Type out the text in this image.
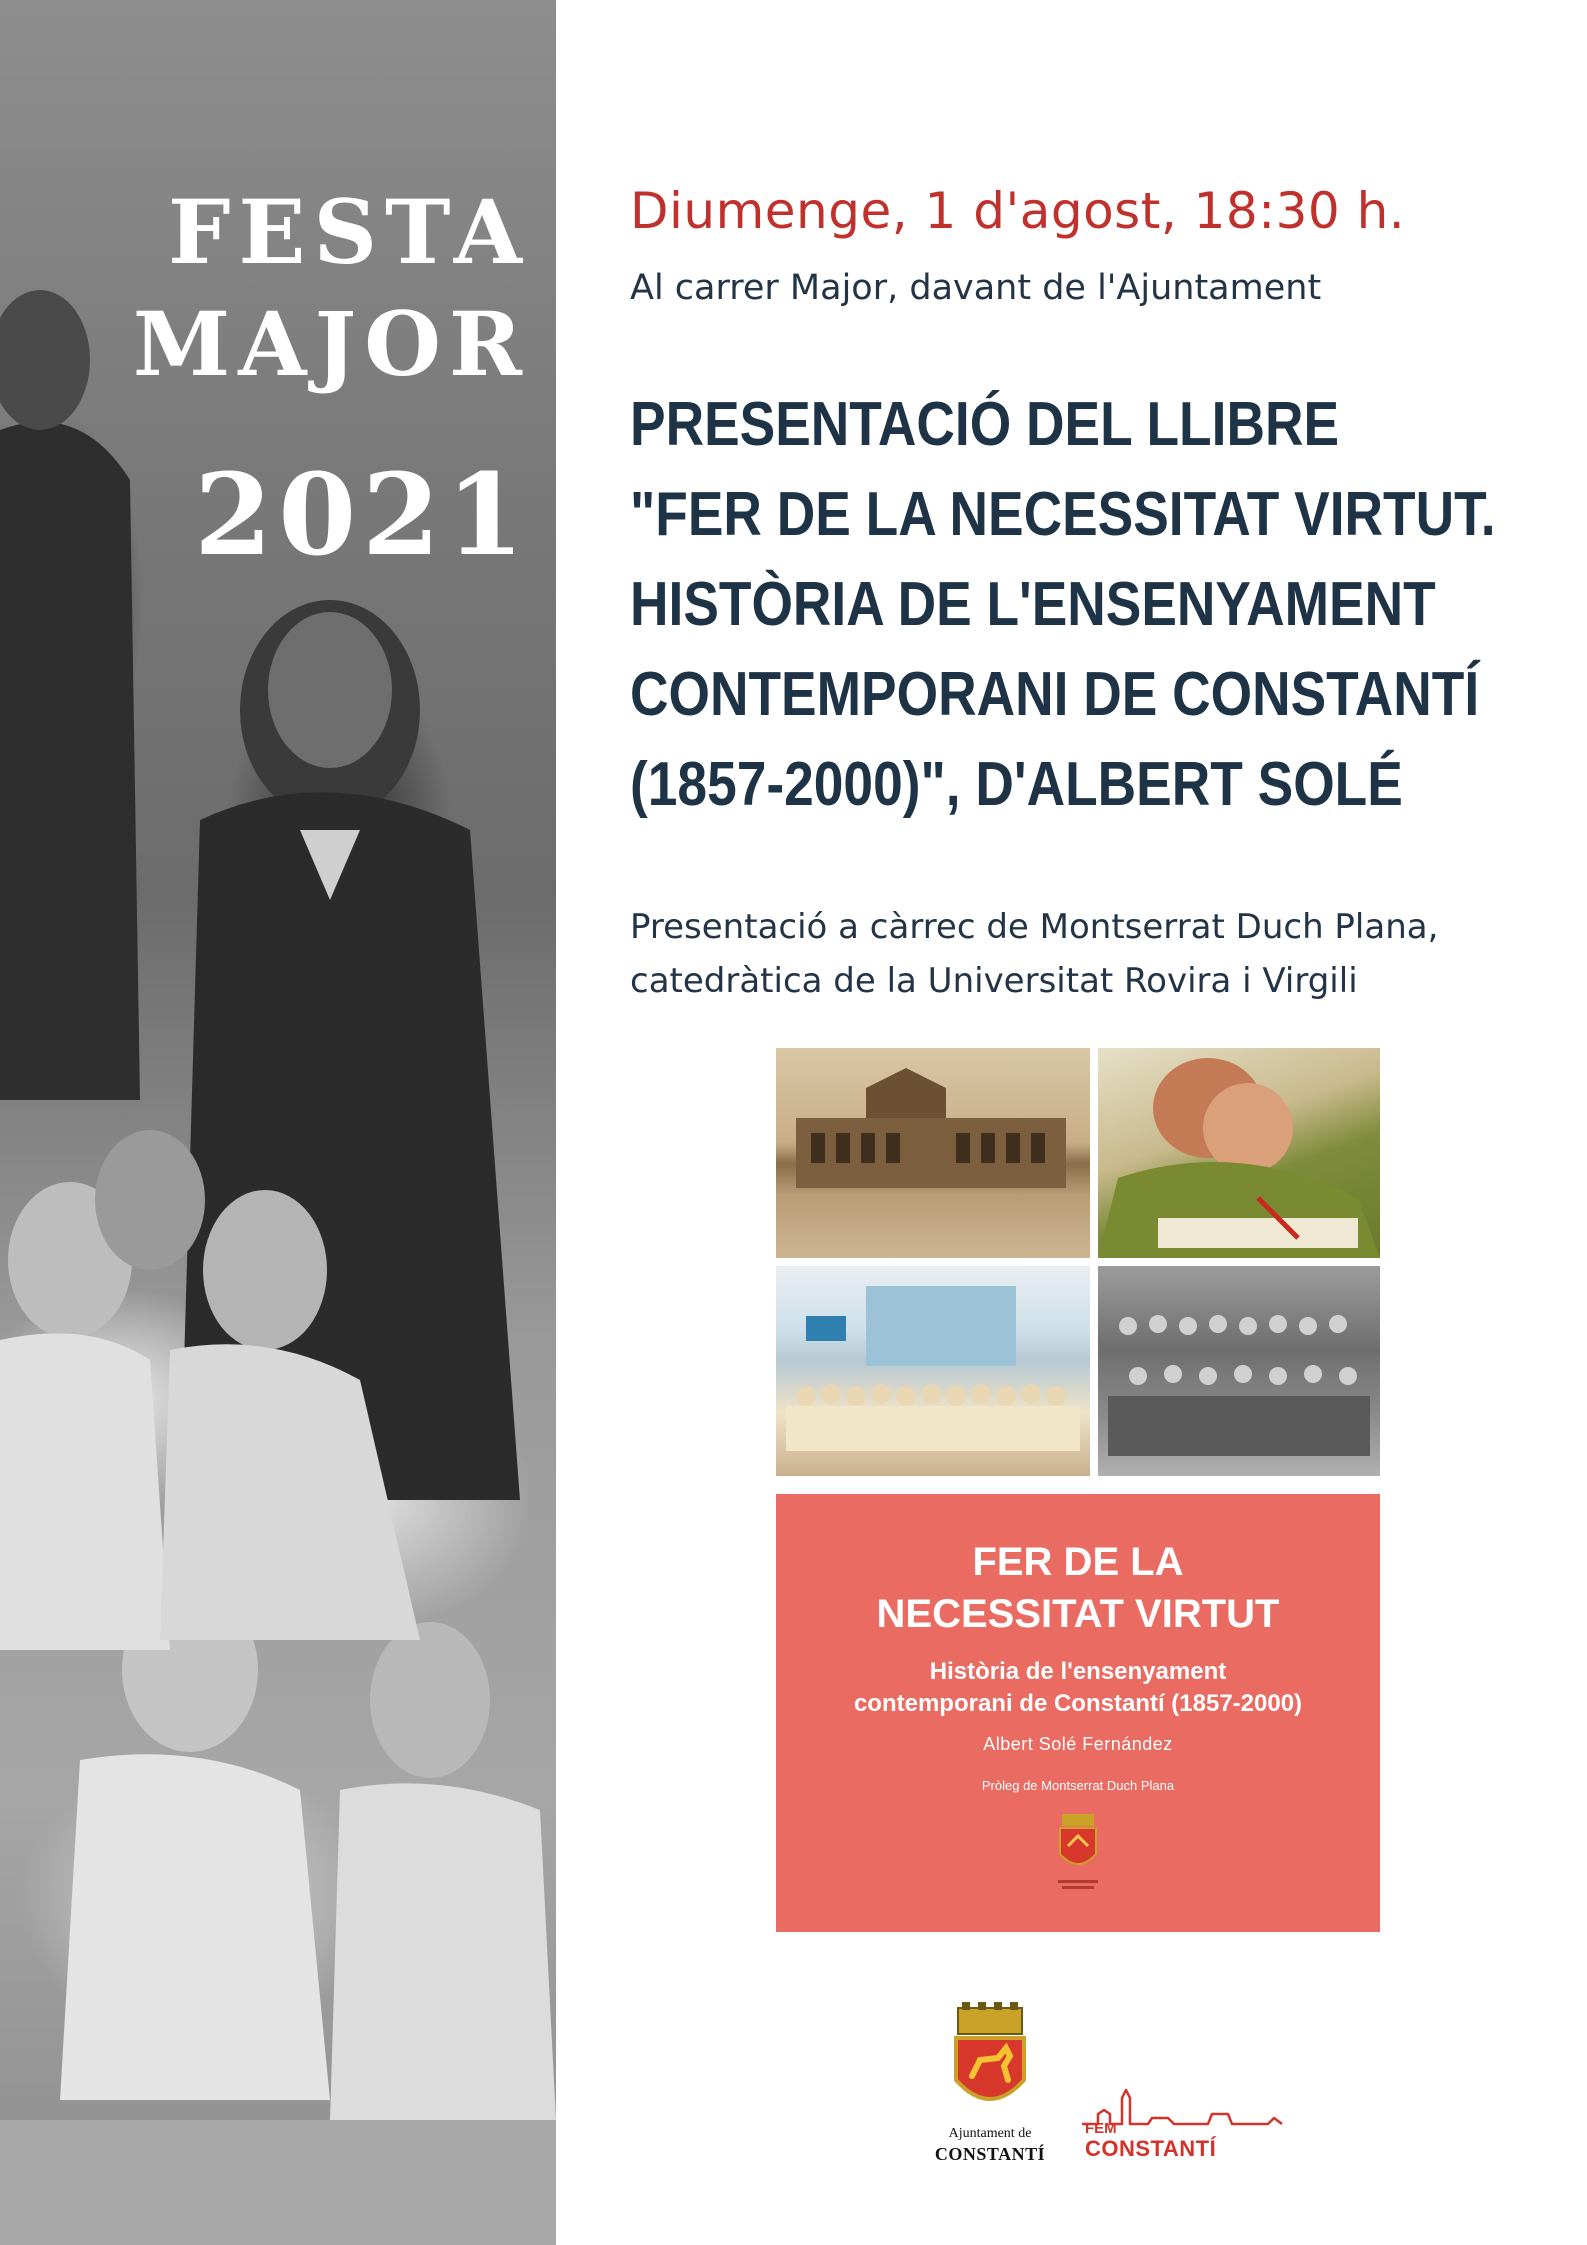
FESTA
MAJOR
2021
Diumenge, 1 d'agost, 18:30 h.
Al carrer Major, davant de l'Ajuntament
PRESENTACIÓ DEL LLIBRE
"FER DE LA NECESSITAT VIRTUT.
HISTÒRIA DE L'ENSENYAMENT
CONTEMPORANI DE CONSTANTÍ
(1857-2000)", D'ALBERT SOLÉ
Presentació a càrrec de Montserrat Duch Plana,
catedràtica de la Universitat Rovira i Virgili
FER DE LA
NECESSITAT VIRTUT
Història de l'ensenyament
contemporani de Constantí (1857-2000)
Albert Solé Fernández
Pròleg de Montserrat Duch Plana
Ajuntament de
CONSTANTÍ
FEM
CONSTANTÍ
